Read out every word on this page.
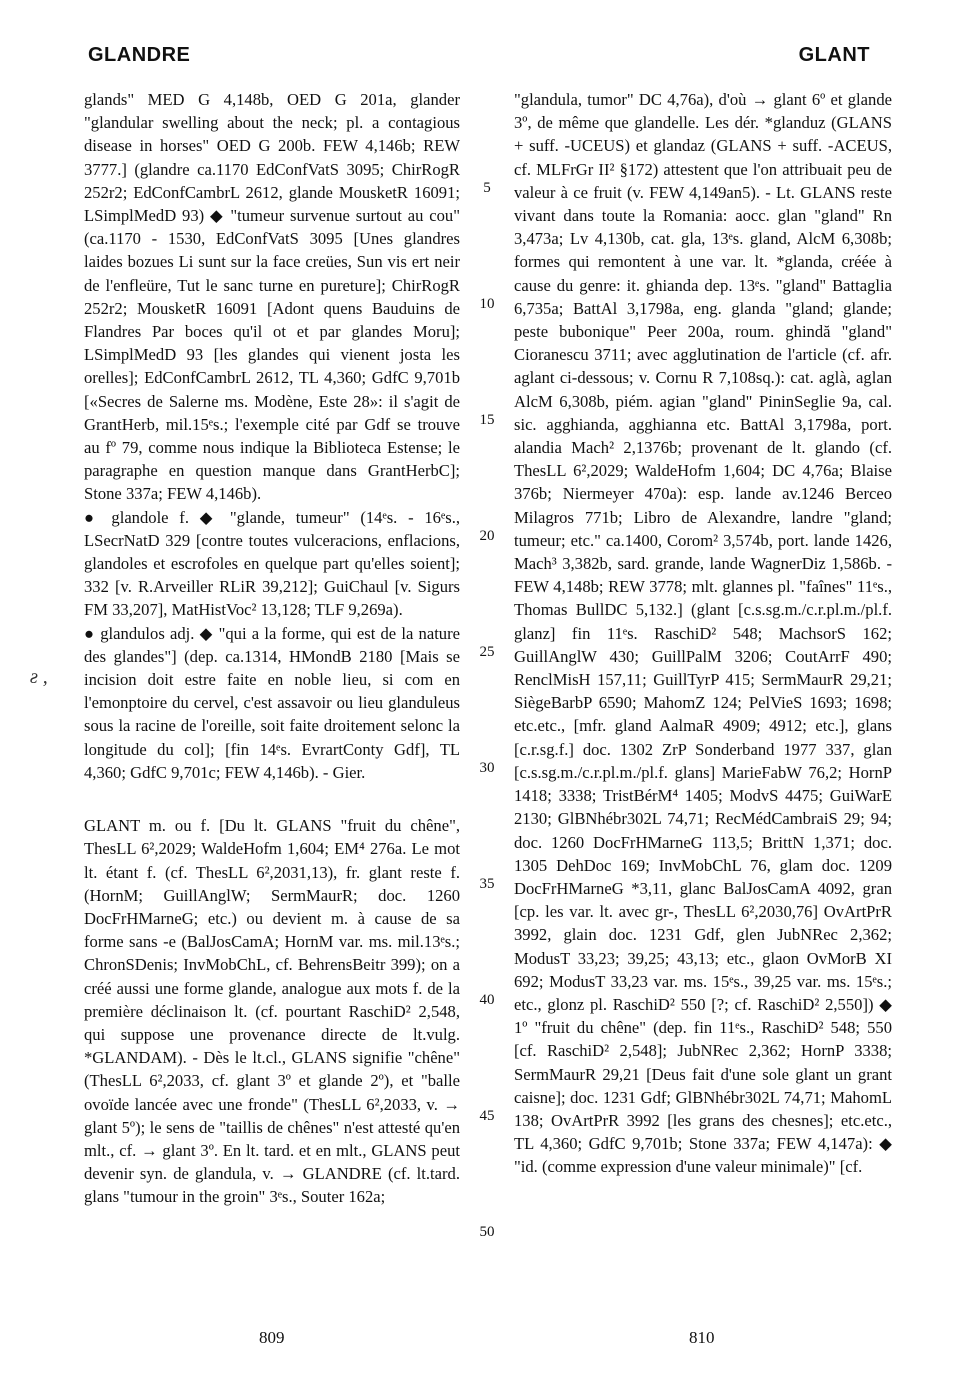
GLANDRE	GLANT
ƨ ,

glands" MED G 4,148b, OED G 201a, glander "glandular swelling about the neck; pl. a contagious disease in horses" OED G 200b. FEW 4,146b; REW 3777.] (glandre ca.1170 EdConfVatS 3095; ChirRogR 252r2; EdConfCambrL 2612, glande MousketR 16091; LSimplMedD 93) ◆ "tumeur survenue surtout au cou" (ca.1170 - 1530, EdConfVatS 3095 [Unes glandres laides bozues Li sunt sur la face creües, Sun vis ert neir de l'enfleüre, Tut le sanc turne en pureture]; ChirRogR 252r2; MousketR 16091 [Adont quens Bauduins de Flandres Par boces qu'il ot et par glandes Moru]; LSimplMedD 93 [les glandes qui vienent josta les orelles]; EdConfCambrL 2612, TL 4,360; GdfC 9,701b [«Secres de Salerne ms. Modène, Este 28»: il s'agit de GrantHerb, mil.15ᵉs.; l'exemple cité par Gdf se trouve au fº 79, comme nous indique la Biblioteca Estense; le paragraphe en question manque dans GrantHerbC]; Stone 337a; FEW 4,146b).

● glandole f. ◆ "glande, tumeur" (14ᵉs. - 16ᵉs., LSecrNatD 329 [contre toutes vulceracions, enflacions, glandoles et escrofoles en quelque part qu'elles soient]; 332 [v. R.Arveiller RLiR 39,212]; GuiChaul [v. Sigurs FM 33,207], MatHistVoc² 13,128; TLF 9,269a).

● glandulos adj. ◆ "qui a la forme, qui est de la nature des glandes"] (dep. ca.1314, HMondB 2180 [Mais se incision doit estre faite en noble lieu, si com en l'emonptoire du cervel, c'est assavoir ou lieu glanduleus sous la racine de l'oreille, soit faite droitement selonc la longitude du col]; [fin 14ᵉs. EvrartConty Gdf], TL 4,360; GdfC 9,701c; FEW 4,146b). - Gier.

GLANT m. ou f. [Du lt. GLANS "fruit du chêne", ThesLL 6²,2029; WaldeHofm 1,604; EM⁴ 276a. Le mot lt. étant f. (cf. ThesLL 6²,2031,13), fr. glant reste f. (HornM; GuillAnglW; SermMaurR; doc. 1260 DocFrHMarneG; etc.) ou devient m. à cause de sa forme sans -e (BalJosCamA; HornM var. ms. mil.13ᵉs.; ChronSDenis; InvMobChL, cf. BehrensBeitr 399); on a créé aussi une forme glande, analogue aux mots f. de la première déclinaison lt. (cf. pourtant RaschiD² 2,548, qui suppose une provenance directe de lt.vulg. *GLANDAM). - Dès le lt.cl., GLANS signifie "chêne" (ThesLL 6²,2033, cf. glant 3º et glande 2º), et "balle ovoïde lancée avec une fronde" (ThesLL 6²,2033, v. → glant 5º); le sens de "taillis de chênes" n'est attesté qu'en mlt., cf. → glant 3º. En lt. tard. et en mlt., GLANS peut devenir syn. de glandula, v. → GLANDRE (cf. lt.tard. glans "tumour in the groin" 3ᵉs., Souter 162a;

5
10
15
20
25
30
35
40
45
50

"glandula, tumor" DC 4,76a), d'où → glant 6º et glande 3º, de même que glandelle. Les dér. *glanduz (GLANS + suff. -UCEUS) et glandaz (GLANS + suff. -ACEUS, cf. MLFrGr II² §172) attestent que l'on attribuait peu de valeur à ce fruit (v. FEW 4,149an5). - Lt. GLANS reste vivant dans toute la Romania: aocc. glan "gland" Rn 3,473a; Lv 4,130b, cat. gla, 13ᵉs. gland, AlcM 6,308b; formes qui remontent à une var. lt. *glanda, créée à cause du genre: it. ghianda dep. 13ᵉs. "gland" Battaglia 6,735a; BattAl 3,1798a, eng. glanda "gland; glande; peste bubonique" Peer 200a, roum. ghindă "gland" Cioranescu 3711; avec agglutination de l'article (cf. afr. aglant ci-dessous; v. Cornu R 7,108sq.): cat. aglà, aglan AlcM 6,308b, piém. agian "gland" PininSeglie 9a, cal. sic. agghianda, agghianna etc. BattAl 3,1798a, port. alandia Mach² 2,1376b; provenant de lt. glando (cf. ThesLL 6²,2029; WaldeHofm 1,604; DC 4,76a; Blaise 376b; Niermeyer 470a): esp. lande av.1246 Berceo Milagros 771b; Libro de Alexandre, landre "gland; tumeur; etc." ca.1400, Corom² 3,574b, port. lande 1426, Mach³ 3,382b, sard. grande, lande WagnerDiz 1,586b. - FEW 4,148b; REW 3778; mlt. glannes pl. "faînes" 11ᵉs., Thomas BullDC 5,132.] (glant [c.s.sg.m./c.r.pl.m./pl.f. glanz] fin 11ᵉs. RaschiD² 548; MachsorS 162; GuillAnglW 430; GuillPalM 3206; CoutArrF 490; RenclMisH 157,11; GuillTyrP 415; SermMaurR 29,21; SiègeBarbP 6590; MahomZ 124; PelVieS 1693; 1698; etc.etc., [mfr. gland AalmaR 4909; 4912; etc.], glans [c.r.sg.f.] doc. 1302 ZrP Sonderband 1977 337, glan [c.s.sg.m./c.r.pl.m./pl.f. glans] MarieFabW 76,2; HornP 1418; 3338; TristBérM⁴ 1405; ModvS 4475; GuiWarE 2130; GlBNhébr302L 74,71; RecMédCambraiS 29; 94; doc. 1260 DocFrHMarneG 113,5; BrittN 1,371; doc. 1305 DehDoc 169; InvMobChL 76, glam doc. 1209 DocFrHMarneG *3,11, glanc BalJosCamA 4092, gran [cp. les var. lt. avec gr-, ThesLL 6²,2030,76] OvArtPrR 3992, glain doc. 1231 Gdf, glen JubNRec 2,362; ModusT 33,23; 39,25; 43,13; etc., glaon OvMorB XI 692; ModusT 33,23 var. ms. 15ᵉs., 39,25 var. ms. 15ᵉs.; etc., glonz pl. RaschiD² 550 [?; cf. RaschiD² 2,550]) ◆ 1º "fruit du chêne" (dep. fin 11ᵉs., RaschiD² 548; 550 [cf. RaschiD² 2,548]; JubNRec 2,362; HornP 3338; SermMaurR 29,21 [Deus fait d'une sole glant un grant caisne]; doc. 1231 Gdf; GlBNhébr302L 74,71; MahomL 138; OvArtPrR 3992 [les grans des chesnes]; etc.etc., TL 4,360; GdfC 9,701b; Stone 337a; FEW 4,147a): ◆ "id. (comme expression d'une valeur minimale)" [cf.

809	810
